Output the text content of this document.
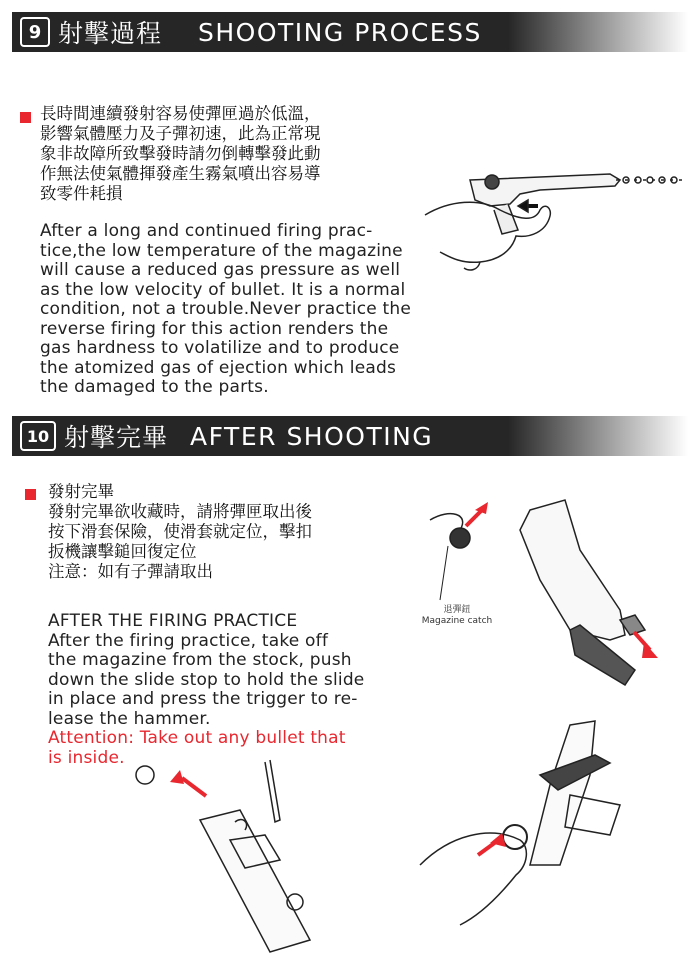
9 射擊過程 SHOOTING PROCESS
長時間連續發射容易使彈匣過於低溫，
影響氣體壓力及子彈初速，此為正常現
象非故障所致擊發時請勿倒轉擊發此動
作無法使氣體揮發產生霧氣噴出容易導
致零件耗損
After a long and continued firing prac-
tice,the low temperature of the magazine
will cause a reduced gas pressure as well
as the low velocity of bullet. It is a normal
condition, not a trouble.Never practice the
reverse firing for this action renders the
gas hardness to volatilize and to produce
the atomized gas of ejection which leads
the damaged to the parts.
10 射擊完畢 AFTER SHOOTING
發射完畢
發射完畢欲收藏時，請將彈匣取出後
按下滑套保險，使滑套就定位，擊扣
扳機讓擊鎚回復定位
注意：如有子彈請取出
AFTER THE FIRING PRACTICE
After the firing practice, take off
the magazine from the stock, push
down the slide stop to hold the slide
in place and press the trigger to re-
lease the hammer.
Attention: Take out any bullet that
is inside.
退彈鈕
Magazine catch
